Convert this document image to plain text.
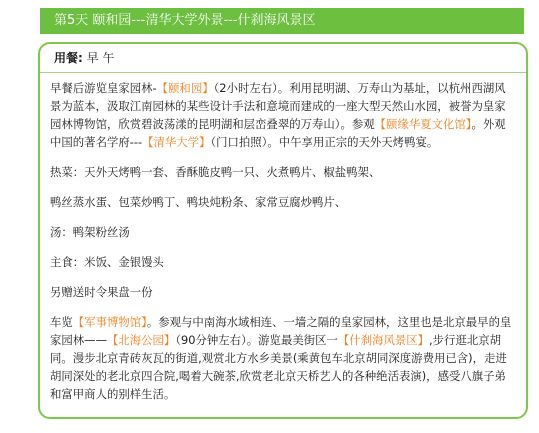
第5天 颐和园---清华大学外景---什刹海风景区
用餐: 早 午

早餐后游览皇家园林-【颐和园】（2小时左右）。利用昆明湖、万寿山为基址，以杭州西湖风景为蓝本，汲取江南园林的某些设计手法和意境而建成的一座大型天然山水园，被誉为皇家园林博物馆，欣赏碧波荡漾的昆明湖和层峦叠翠的万寿山）。参观【颐缘华夏文化馆】。外观中国的著名学府---【清华大学】（门口拍照）。中午享用正宗的天外天烤鸭宴。

热菜：天外天烤鸭一套、香酥脆皮鸭一只、火煮鸭片、椒盐鸭架、

鸭丝蒸水蛋、包菜炒鸭丁、鸭块炖粉条、家常豆腐炒鸭片、

汤：鸭架粉丝汤

主食：米饭、金银馒头

另赠送时令果盘一份

车览【军事博物馆】。参观与中南海水域相连、一墙之隔的皇家园林，这里也是北京最早的皇家园林——【北海公园】（90分钟左右）。游览最美街区一【什刹海风景区】,步行逛北京胡同。漫步北京青砖灰瓦的街道,观赏北方水乡美景(乘黄包车北京胡同深度游费用已含)，走进胡同深处的老北京四合院,喝着大碗茶,欣赏老北京天桥艺人的各种绝活表演)，感受八旗子弟和富甲商人的别样生活。
